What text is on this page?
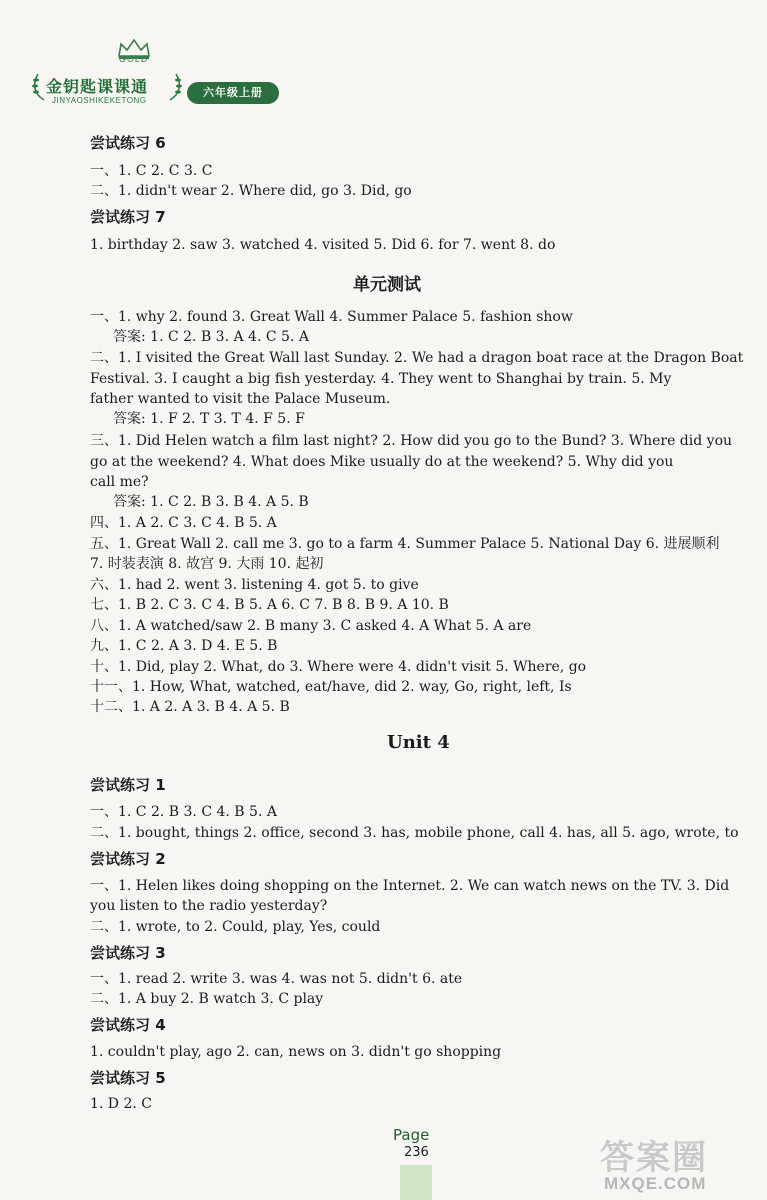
GOLD
金钥匙课课通
JINYAOSHIKEKETONG
六年级上册
尝试练习 6
一、1. C 2. C 3. C
二、1. didn't wear 2. Where did, go 3. Did, go
尝试练习 7
1. birthday 2. saw 3. watched 4. visited 5. Did 6. for 7. went 8. do
单元测试
一、1. why 2. found 3. Great Wall 4. Summer Palace 5. fashion show
答案: 1. C 2. B 3. A 4. C 5. A
二、1. I visited the Great Wall last Sunday. 2. We had a dragon boat race at the Dragon Boat
Festival. 3. I caught a big fish yesterday. 4. They went to Shanghai by train. 5. My
father wanted to visit the Palace Museum.
答案: 1. F 2. T 3. T 4. F 5. F
三、1. Did Helen watch a film last night? 2. How did you go to the Bund? 3. Where did you
go at the weekend? 4. What does Mike usually do at the weekend? 5. Why did you
call me?
答案: 1. C 2. B 3. B 4. A 5. B
四、1. A 2. C 3. C 4. B 5. A
五、1. Great Wall 2. call me 3. go to a farm 4. Summer Palace 5. National Day 6. 进展顺利
7. 时装表演 8. 故宫 9. 大雨 10. 起初
六、1. had 2. went 3. listening 4. got 5. to give
七、1. B 2. C 3. C 4. B 5. A 6. C 7. B 8. B 9. A 10. B
八、1. A watched/saw 2. B many 3. C asked 4. A What 5. A are
九、1. C 2. A 3. D 4. E 5. B
十、1. Did, play 2. What, do 3. Where were 4. didn't visit 5. Where, go
十一、1. How, What, watched, eat/have, did 2. way, Go, right, left, Is
十二、1. A 2. A 3. B 4. A 5. B
Unit 4
尝试练习 1
一、1. C 2. B 3. C 4. B 5. A
二、1. bought, things 2. office, second 3. has, mobile phone, call 4. has, all 5. ago, wrote, to
尝试练习 2
一、1. Helen likes doing shopping on the Internet. 2. We can watch news on the TV. 3. Did
you listen to the radio yesterday?
二、1. wrote, to 2. Could, play, Yes, could
尝试练习 3
一、1. read 2. write 3. was 4. was not 5. didn't 6. ate
二、1. A buy 2. B watch 3. C play
尝试练习 4
1. couldn't play, ago 2. can, news on 3. didn't go shopping
尝试练习 5
1. D 2. C
Page
236	答案圈
MXQE.COM
